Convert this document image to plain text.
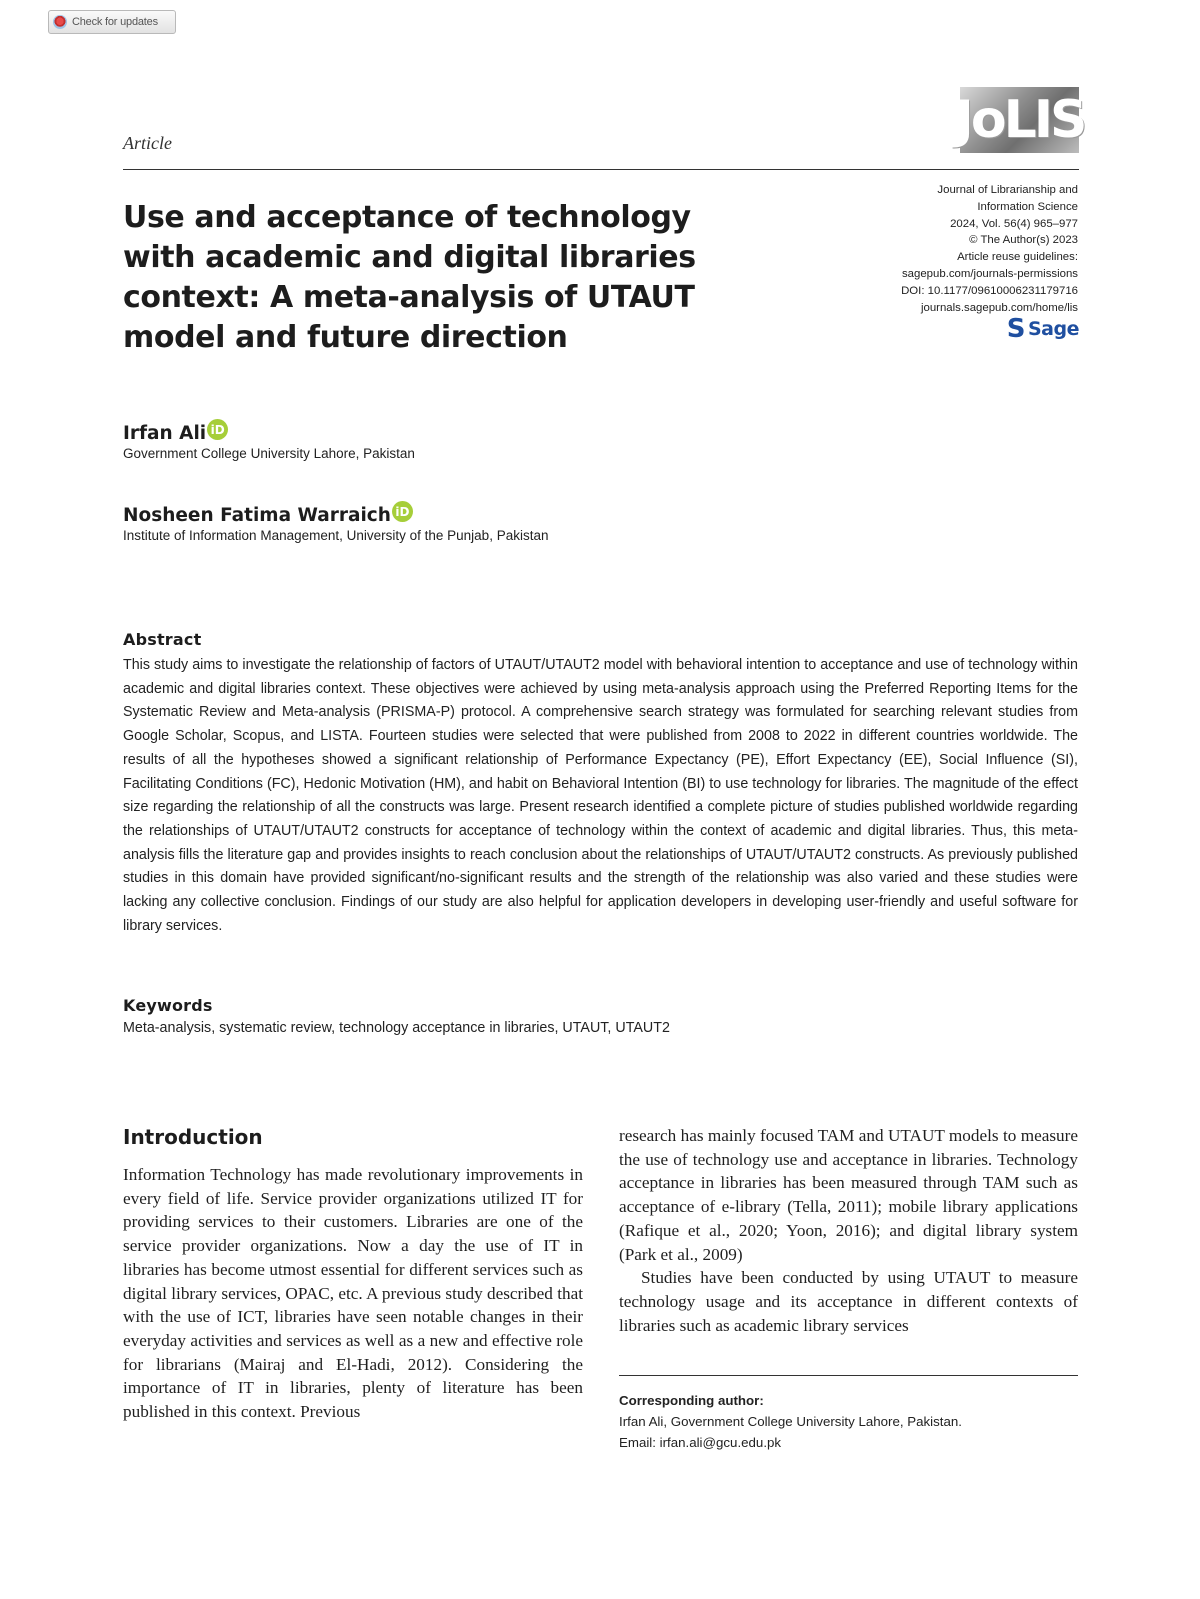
Check for updates
Article	JoLIS
Use and acceptance of technology with academic and digital libraries context: A meta-analysis of UTAUT model and future direction
Journal of Librarianship and
Information Science
2024, Vol. 56(4) 965–977
© The Author(s) 2023
Article reuse guidelines:
sagepub.com/journals-permissions
DOI: 10.1177/09610006231179716
journals.sagepub.com/home/lis
S Sage
Irfan Ali iD
Government College University Lahore, Pakistan
Nosheen Fatima Warraich iD
Institute of Information Management, University of the Punjab, Pakistan
Abstract

This study aims to investigate the relationship of factors of UTAUT/UTAUT2 model with behavioral intention to acceptance and use of technology within academic and digital libraries context. These objectives were achieved by using meta-analysis approach using the Preferred Reporting Items for the Systematic Review and Meta-analysis (PRISMA-P) protocol. A comprehensive search strategy was formulated for searching relevant studies from Google Scholar, Scopus, and LISTA. Fourteen studies were selected that were published from 2008 to 2022 in different countries worldwide. The results of all the hypotheses showed a significant relationship of Performance Expectancy (PE), Effort Expectancy (EE), Social Influence (SI), Facilitating Conditions (FC), Hedonic Motivation (HM), and habit on Behavioral Intention (BI) to use technology for libraries. The magnitude of the effect size regarding the relationship of all the constructs was large. Present research identified a complete picture of studies published worldwide regarding the relationships of UTAUT/UTAUT2 constructs for acceptance of technology within the context of academic and digital libraries. Thus, this meta-analysis fills the literature gap and provides insights to reach conclusion about the relationships of UTAUT/UTAUT2 constructs. As previously published studies in this domain have provided significant/no-significant results and the strength of the relationship was also varied and these studies were lacking any collective conclusion. Findings of our study are also helpful for application developers in developing user-friendly and useful software for library services.

Keywords
Meta-analysis, systematic review, technology acceptance in libraries, UTAUT, UTAUT2
Introduction

Information Technology has made revolutionary improvements in every field of life. Service provider organizations utilized IT for providing services to their customers. Libraries are one of the service provider organizations. Now a day the use of IT in libraries has become utmost essential for different services such as digital library services, OPAC, etc. A previous study described that with the use of ICT, libraries have seen notable changes in their everyday activities and services as well as a new and effective role for librarians (Mairaj and El-Hadi, 2012). Considering the importance of IT in libraries, plenty of literature has been published in this context. Previous

research has mainly focused TAM and UTAUT models to measure the use of technology use and acceptance in libraries. Technology acceptance in libraries has been measured through TAM such as acceptance of e-library (Tella, 2011); mobile library applications (Rafique et al., 2020; Yoon, 2016); and digital library system (Park et al., 2009)

Studies have been conducted by using UTAUT to measure technology usage and its acceptance in different contexts of libraries such as academic library services

Corresponding author:
Irfan Ali, Government College University Lahore, Pakistan.
Email: irfan.ali@gcu.edu.pk
